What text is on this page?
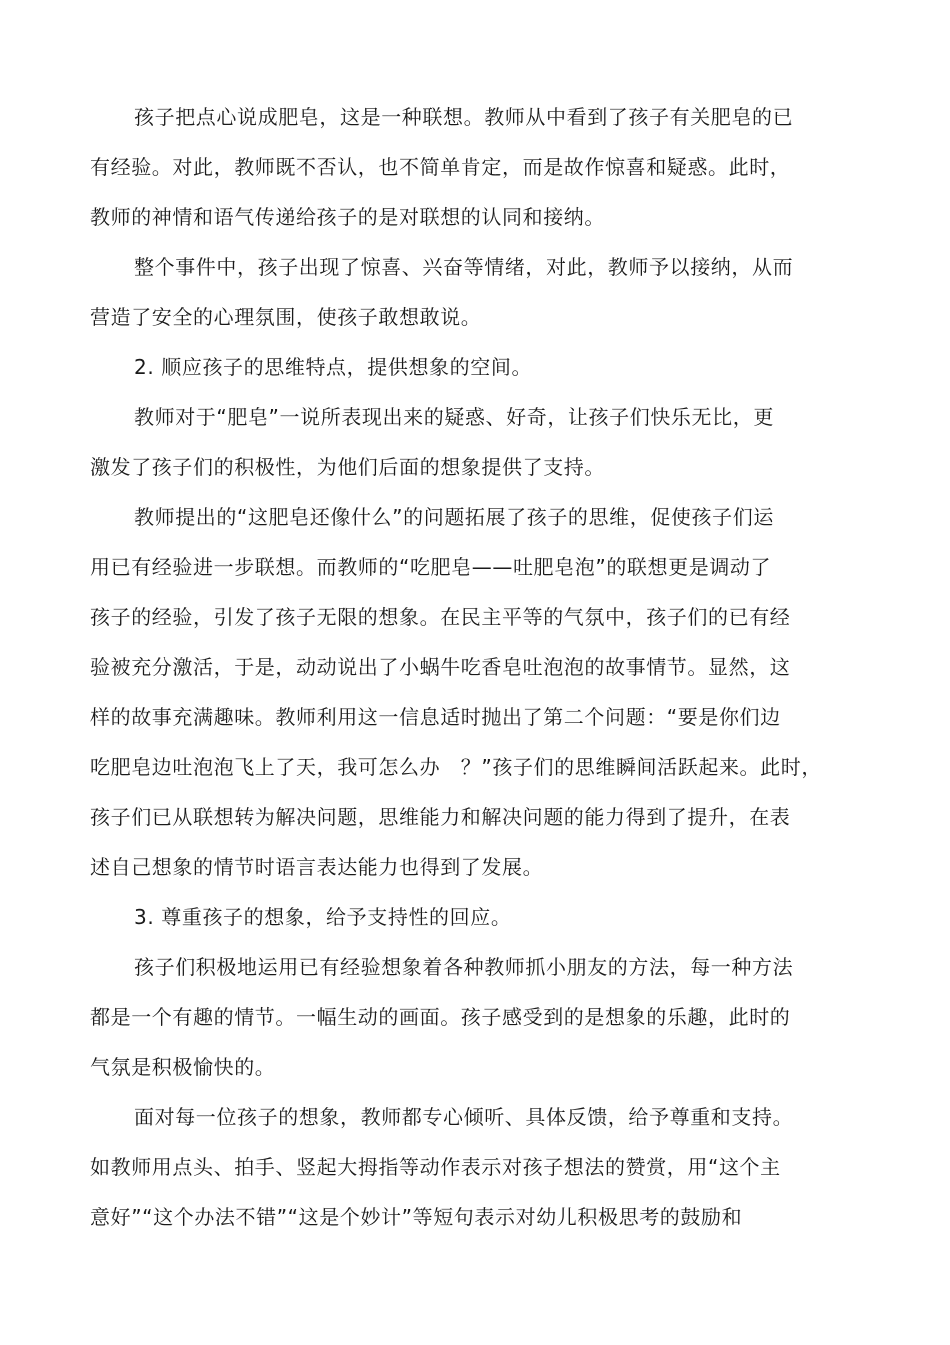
孩子把点心说成肥皂，这是一种联想。教师从中看到了孩子有关肥皂的已

有经验。对此，教师既不否认，也不简单肯定，而是故作惊喜和疑惑。此时，

教师的神情和语气传递给孩子的是对联想的认同和接纳。

整个事件中，孩子出现了惊喜、兴奋等情绪，对此，教师予以接纳，从而

营造了安全的心理氛围，使孩子敢想敢说。

2. 顺应孩子的思维特点，提供想象的空间。

教师对于“肥皂”一说所表现出来的疑惑、好奇，让孩子们快乐无比，更

激发了孩子们的积极性，为他们后面的想象提供了支持。

教师提出的“这肥皂还像什么”的问题拓展了孩子的思维，促使孩子们运

用已有经验进一步联想。而教师的“吃肥皂——吐肥皂泡”的联想更是调动了

孩子的经验，引发了孩子无限的想象。在民主平等的气氛中，孩子们的已有经

验被充分激活，于是，动动说出了小蜗牛吃香皂吐泡泡的故事情节。显然，这

样的故事充满趣味。教师利用这一信息适时抛出了第二个问题：“要是你们边

吃肥皂边吐泡泡飞上了天，我可怎么办　？”孩子们的思维瞬间活跃起来。此时，

孩子们已从联想转为解决问题，思维能力和解决问题的能力得到了提升，在表

述自己想象的情节时语言表达能力也得到了发展。

3. 尊重孩子的想象，给予支持性的回应。

孩子们积极地运用已有经验想象着各种教师抓小朋友的方法，每一种方法

都是一个有趣的情节。一幅生动的画面。孩子感受到的是想象的乐趣，此时的

气氛是积极愉快的。

面对每一位孩子的想象，教师都专心倾听、具体反馈，给予尊重和支持。

如教师用点头、拍手、竖起大拇指等动作表示对孩子想法的赞赏，用“这个主

意好”“这个办法不错”“这是个妙计”等短句表示对幼儿积极思考的鼓励和
